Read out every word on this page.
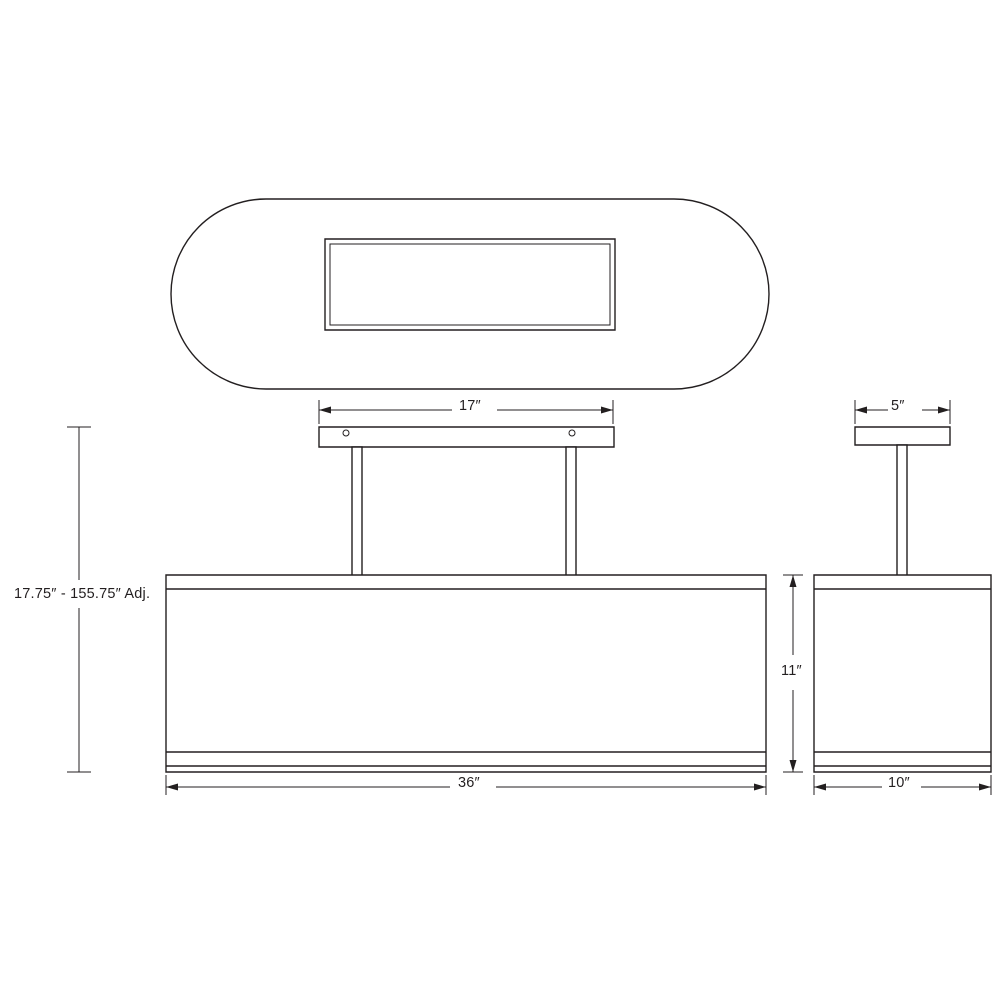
17″	5″
17.75″ - 155.75″ Adj.
11″
36″	10″
